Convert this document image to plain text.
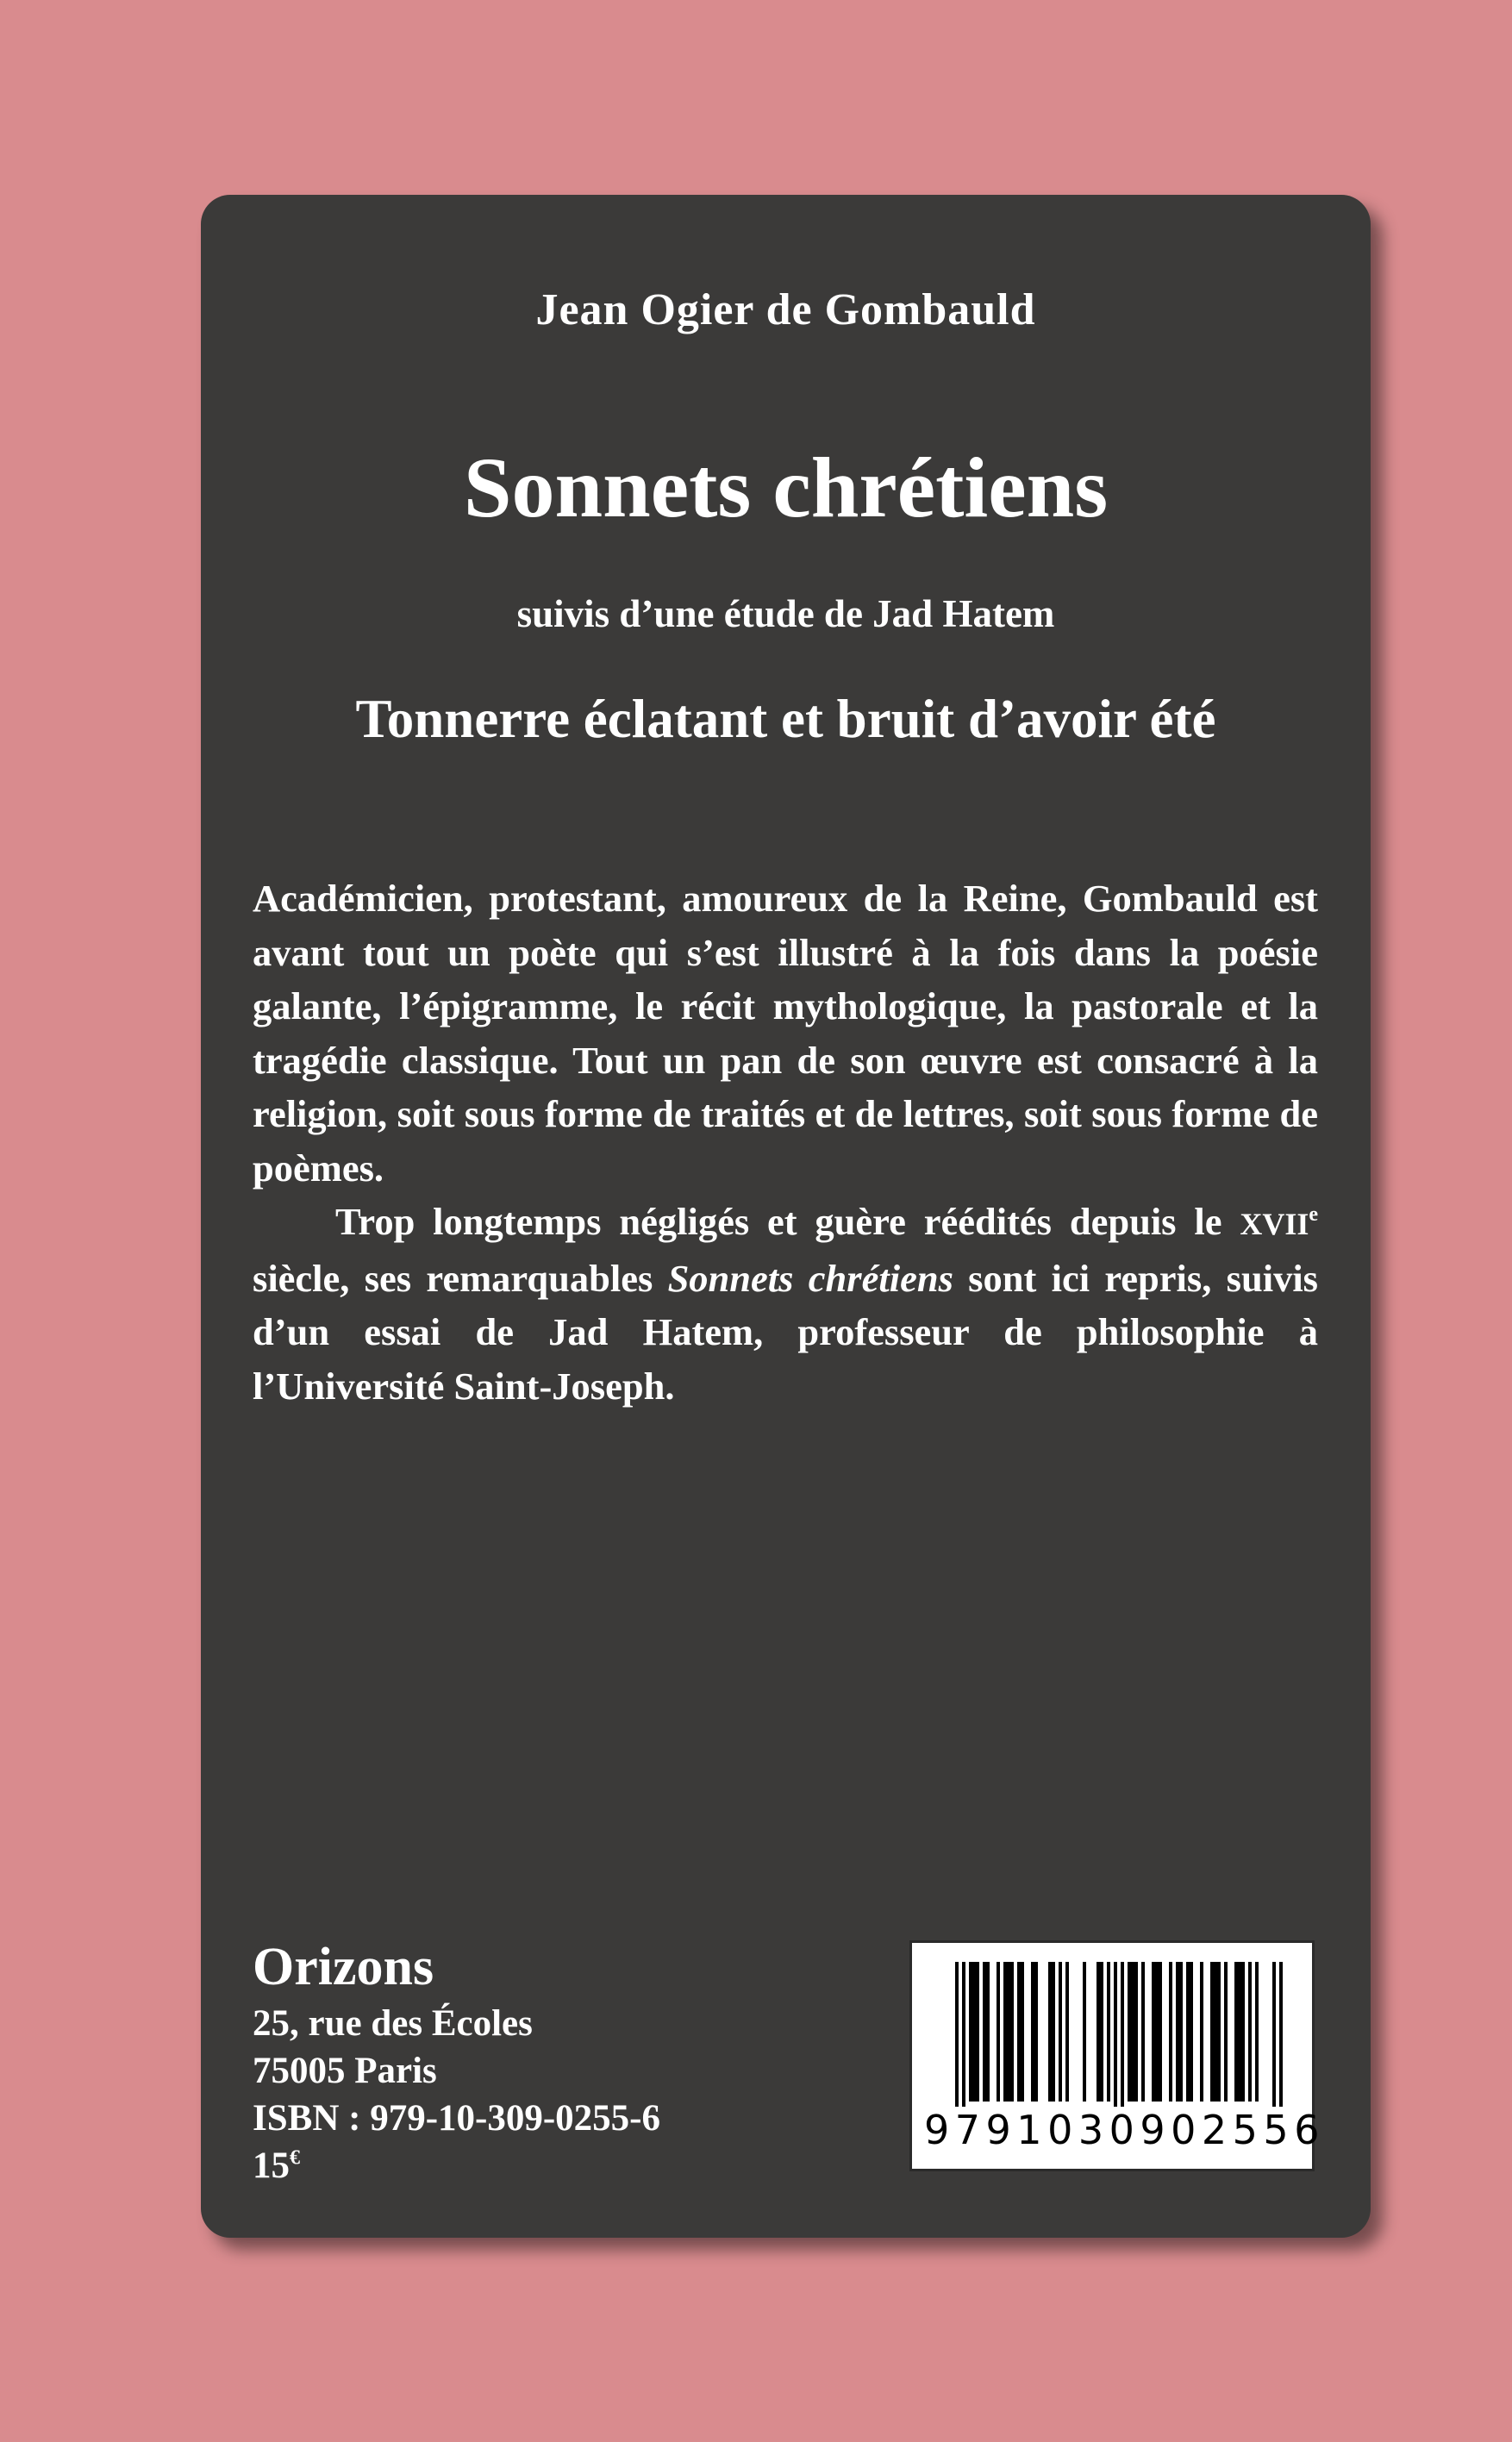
Jean Ogier de Gombauld
Sonnets chrétiens
suivis d’une étude de Jad Hatem
Tonnerre éclatant et bruit d’avoir été

Académicien, protestant, amoureux de la Reine, Gombauld est avant tout un poète qui s’est illustré à la fois dans la poésie galante, l’épigramme, le récit mythologique, la pastorale et la tragédie classique. Tout un pan de son œuvre est consacré à la religion, soit sous forme de traités et de lettres, soit sous forme de poèmes.

Trop longtemps négligés et guère réédités depuis le XVIIe siècle, ses remarquables Sonnets chrétiens sont ici repris, suivis d’un essai de Jad Hatem, professeur de philosophie à l’Université Saint-Joseph.

Orizons
25, rue des Écoles
75005 Paris
ISBN : 979-10-309-0255-6
15€
9791030902556
